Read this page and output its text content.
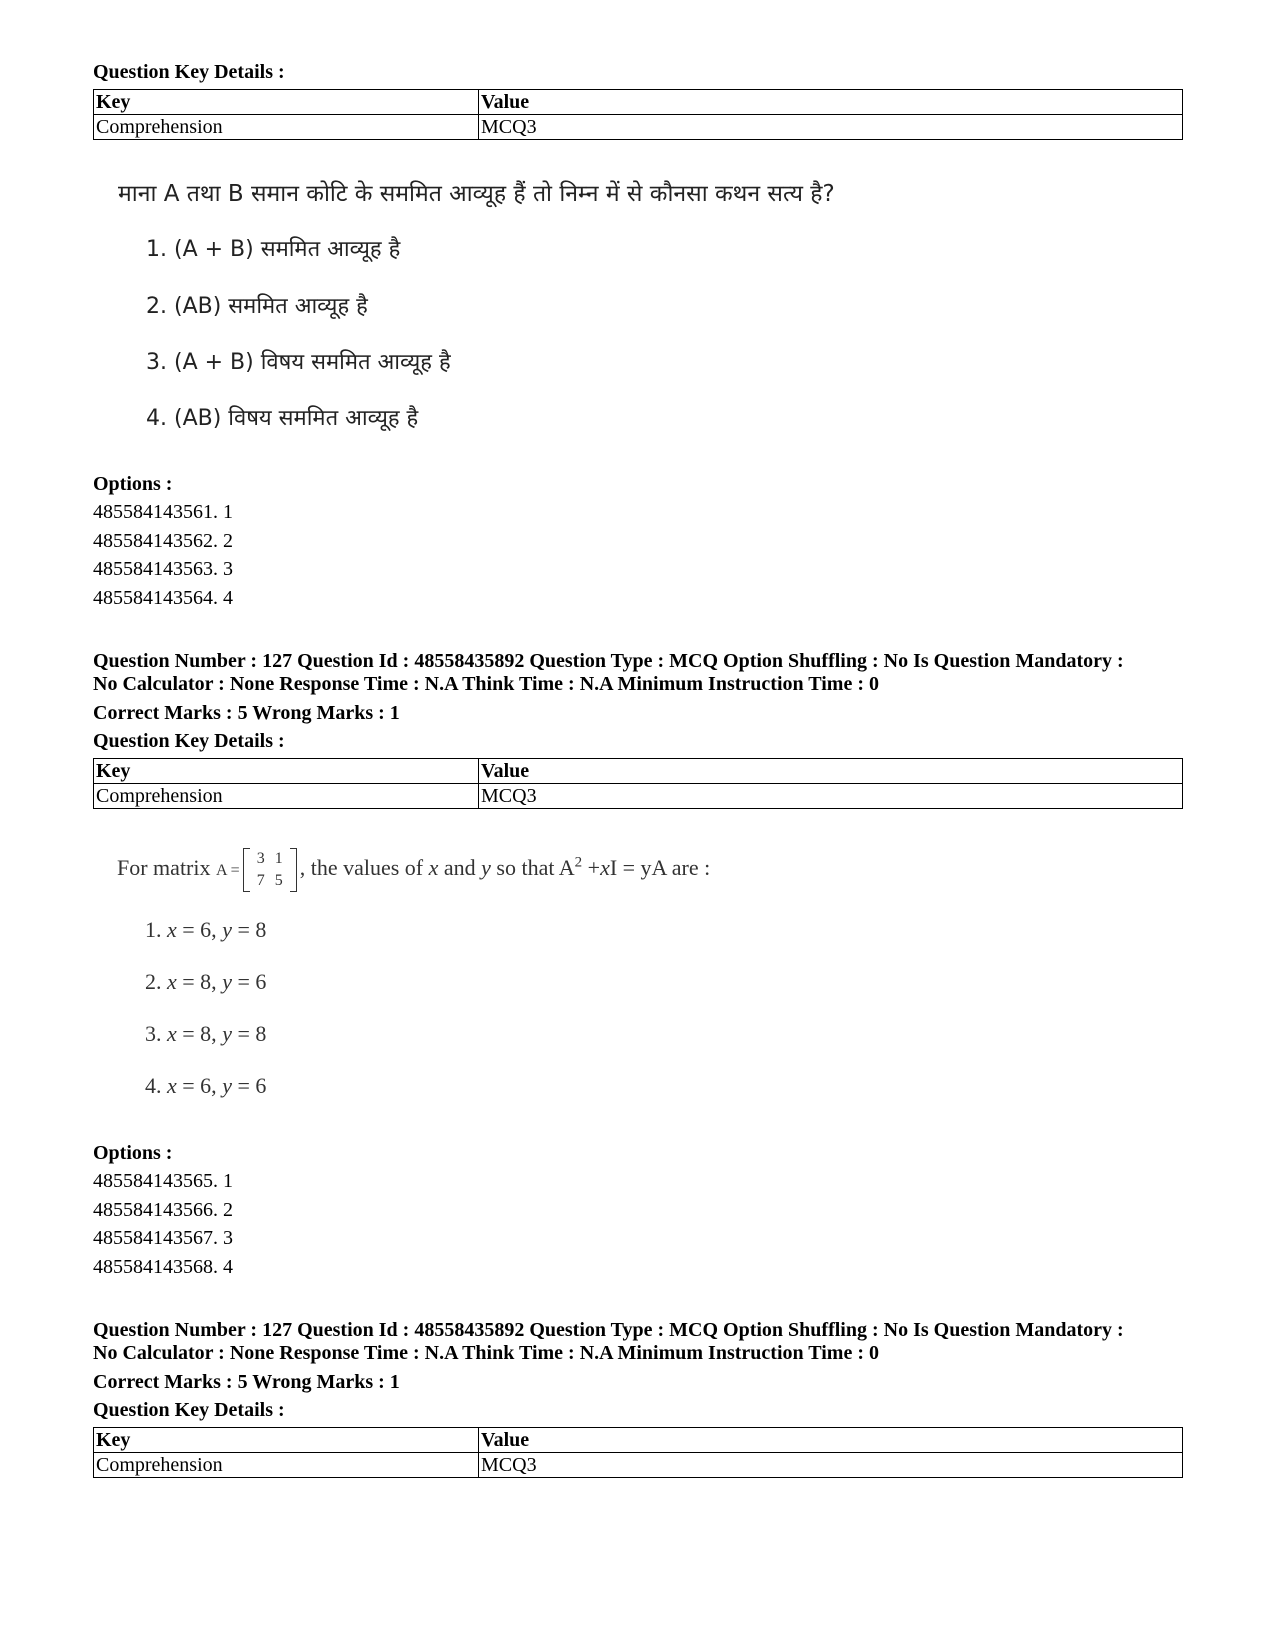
Question Key Details :
Key	Value
Comprehension	MCQ3
माना A तथा B समान कोटि के सममित आव्यूह हैं तो निम्न में से कौनसा कथन सत्य है?
1. (A + B) सममित आव्यूह है
2. (AB) सममित आव्यूह है
3. (A + B) विषय सममित आव्यूह है
4. (AB) विषय सममित आव्यूह है
Options :
485584143561. 1
485584143562. 2
485584143563. 3
485584143564. 4
Question Number : 127 Question Id : 48558435892 Question Type : MCQ Option Shuffling : No Is Question Mandatory :
No Calculator : None Response Time : N.A Think Time : N.A Minimum Instruction Time : 0
Correct Marks : 5 Wrong Marks : 1
Question Key Details :
Key	Value
Comprehension	MCQ3
For matrix A =
3 1
7 5
, the values of x and y so that $A^2 +xI$ = yA are :
1. x = 6, y = 8
2. x = 8, y = 6
3. x = 8, y = 8
4. x = 6, y = 6
Options :
485584143565. 1
485584143566. 2
485584143567. 3
485584143568. 4
Question Number : 127 Question Id : 48558435892 Question Type : MCQ Option Shuffling : No Is Question Mandatory :
No Calculator : None Response Time : N.A Think Time : N.A Minimum Instruction Time : 0
Correct Marks : 5 Wrong Marks : 1
Question Key Details :
Key	Value
Comprehension	MCQ3
